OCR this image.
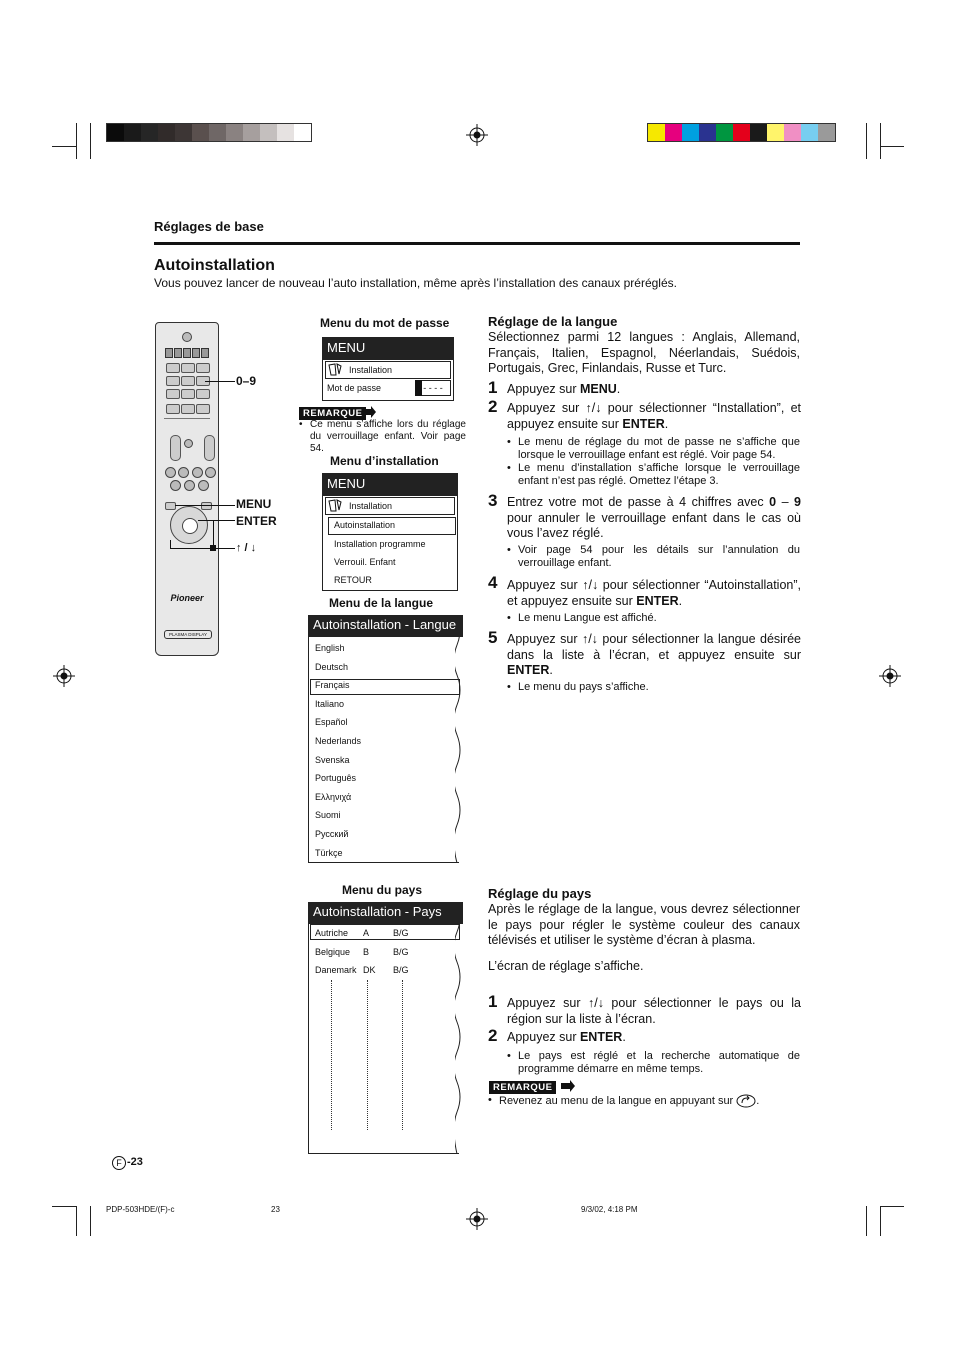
Réglages de base
Autoinstallation
Vous pouvez lancer de nouveau l’auto installation, même après l’installation des canaux préréglés.
Pioneer
PLASMA DISPLAY
0–9
MENU
ENTER
↑ / ↓
Menu du mot de passe
MENU
Installation
Mot de passe	- - - -
REMARQUE
• Ce menu s’affiche lors du réglage du verrouillage enfant. Voir page 54.
Menu d’installation
MENU
Installation
Autoinstallation
Installation programme
Verrouil. Enfant
RETOUR
Menu de la langue
Autoinstallation - Langue
English
Deutsch
Français
Italiano
Español
Nederlands
Svenska
Português
Ελληνιχά
Suomi
Русский
Türkçe
Menu du pays
Autoinstallation - Pays
Autriche A	B/G
Belgique B	B/G
Danemark DK B/G
Réglage de la langue
Sélectionnez parmi 12 langues : Anglais, Allemand, Français, Italien, Espagnol, Néerlandais, Suédois, Portugais, Grec, Finlandais, Russe et Turc.
1 Appuyez sur MENU.
2 Appuyez sur ↑/↓ pour sélectionner “Installation”, et appuyez ensuite sur ENTER.
• Le menu de réglage du mot de passe ne s’affiche que lorsque le verrouillage enfant est réglé. Voir page 54.
• Le menu d’installation s’affiche lorsque le verrouillage enfant n’est pas réglé. Omettez l’étape 3.
3 Entrez votre mot de passe à 4 chiffres avec 0 – 9 pour annuler le verrouillage enfant dans le cas où vous l’avez réglé.
• Voir page 54 pour les détails sur l’annulation du verrouillage enfant.
4 Appuyez sur ↑/↓ pour sélectionner “Autoinstallation”, et appuyez ensuite sur ENTER.
• Le menu Langue est affiché.
5 Appuyez sur ↑/↓ pour sélectionner la langue désirée dans la liste à l’écran, et appuyez ensuite sur ENTER.
• Le menu du pays s’affiche.
Réglage du pays
Après le réglage de la langue, vous devrez sélectionner le pays pour régler le système couleur des canaux télévisés et utiliser le système d’écran à plasma.
L’écran de réglage s’affiche.
1 Appuyez sur ↑/↓ pour sélectionner le pays ou la région sur la liste à l’écran.
2 Appuyez sur ENTER.
• Le pays est réglé et la recherche automatique de programme démarre en même temps.
REMARQUE
• Revenez au menu de la langue en appuyant sur .
F -23
PDP-503HDE/(F)-c	23	9/3/02, 4:18 PM
